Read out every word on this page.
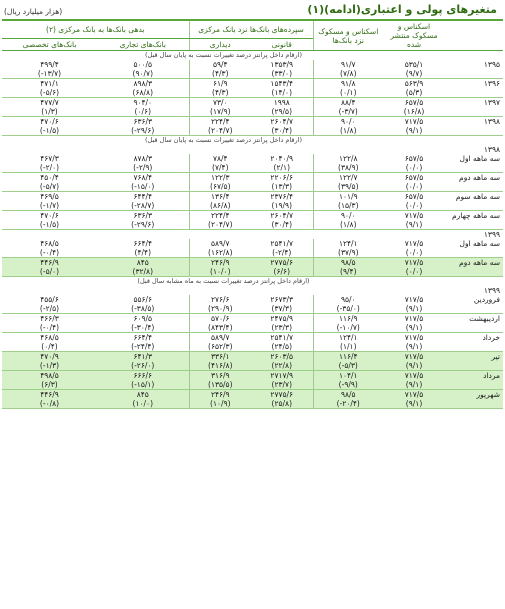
متغیرهای پولی و اعتباری(ادامه)(۱)
(هزار میلیارد ریال)
	اسکناس و مسکوک منتشر شده	اسکناس و مسکوک نزد بانک‌ها	سپرده‌های بانک‌ها نزد بانک مرکزی		بدهی بانک‌ها به بانک مرکزی (۲)	
			قانونی	دیداری	بانک‌های تجاری	بانک‌های تخصصی
	(ارقام داخل پرانتز درصد تغییرات نسبت به پایان سال قبل)					
۱۳۹۵	۵۳۵/۱	۹۱/۷	۱۳۵۳/۹	۵۹/۴	۵۰۰/۵	۴۹۹/۴
	(۹/۷)	(۷/۸)	(۳۳/۰)	(۴/۳)	(۹۰/۷)	(۱۳/۷-)
۱۳۹۶	۵۶۳/۹	۹۱/۸	۱۵۴۳/۴	۶۱/۹	۸۹۸/۳	۴۷۱/۱
	(۵/۳)	(۰/۱)	(۱۴/۰)	(۴/۳)	(۶۸/۸)	(۵/۶-)
۱۳۹۷	۶۵۷/۵	۸۸/۴	۱۹۹۸	۷۳/۰	۹۰۴/۰	۴۷۷/۷
	(۱۶/۸)	(۳/۷-)	(۲۹/۵)	(۱۷/۹)	(۰/۶)	(۱/۳)
۱۳۹۸	۷۱۷/۵	۹۰/۰	۲۶۰۴/۷	۲۲۴/۴	۶۳۶/۳	۴۷۰/۶
	(۹/۱)	(۱/۸)	(۳۰/۴)	(۲۰۴/۷)	(۲۹/۶-)	(۱/۵-)
	(ارقام داخل پرانتز درصد تغییرات نسبت به پایان سال قبل)					
۱۳۹۸						
سه ماهه اول	۶۵۷/۵	۱۲۲/۸	۲۰۴۰/۹	۷۸/۴	۸۷۸/۳	۴۶۷/۳
	(۰/۰)	(۳۸/۹)	(۲/۱)	(۷/۴)	(۲/۹-)	(۲/۰-)
سه ماهه دوم	۶۵۷/۵	۱۲۲/۷	۲۲۰۶/۶	۱۲۲/۳	۷۶۸/۴	۴۵۰/۴
	(۰/۰)	(۳۹/۵)	(۱۳/۳)	(۶۷/۵)	(۱۵/۰-)	(۵/۷-)
سه ماهه سوم	۶۵۷/۵	۱۰۱/۹	۲۳۷۶/۴	۱۳۶/۴	۶۴۴/۴	۴۶۹/۵
	(۰/۰)	(۱۵/۳)	(۱۹/۹)	(۸۶/۸)	(۲۸/۷-)	(۱/۷-)
سه ماهه چهارم	۷۱۷/۵	۹۰/۰	۲۶۰۴/۷	۲۲۴/۴	۶۳۶/۳	۴۷۰/۶
	(۹/۱)	(۱/۸)	(۳۰/۴)	(۲۰۴/۷)	(۲۹/۶-)	(۱/۵-)
۱۳۹۹						
سه ماهه اول	۷۱۷/۵	۱۲۴/۱	۲۵۴۱/۷	۵۸۹/۷	۶۶۴/۴	۴۶۸/۵
	(۰/۰)	(۳۷/۹)	(۲/۴-)	(۱۶۲/۸)	(۴/۴)	(۰/۴-)
سه ماهه دوم	۷۱۷/۵	۹۸/۵	۲۷۷۵/۶	۲۴۶/۹	۸۴۵	۴۴۶/۹
	(۰/۰)	(۹/۴)	(۶/۶)	(۱۰/۰)	(۳۲/۸)	(۵/۰-)
	(ارقام داخل پرانتز درصد تغییرات نسبت به ماه مشابه سال قبل)					
۱۳۹۹						
فروردین	۷۱۷/۵	۹۵/۰	۲۶۷۳/۳	۲۷۶/۶	۵۵۶/۶	۴۵۵/۶
	(۹/۱)	(۳۵/۰-)	(۳۷/۳)	(۲۹۰/۹)	(۳۸/۵-)	(۲/۵-)
اردیبهشت	۷۱۷/۵	۱۱۶/۹	۲۴۷۵/۹	۵۷۰/۶	۶۰۹/۵	۴۶۶/۳
	(۹/۱)	(۱۰/۷-)	(۲۳/۳)	(۸۴۳/۴)	(۳۰/۴-)	(۰/۴-)
خرداد	۷۱۷/۵	۱۲۴/۱	۲۵۴۱/۷	۵۸۹/۷	۶۶۴/۴	۴۶۸/۵
	(۹/۱)	(۱/۱)	(۲۴/۵)	(۶۵۲/۳)	(۲۴/۴-)	(۰/۴)
تیر	۷۱۷/۵	۱۱۶/۴	۲۶۰۳/۵	۳۳۶/۱	۶۴۱/۳	۴۷۰/۹
	(۹/۱)	(۵/۳-)	(۲۲/۸)	(۴۱۶/۸)	(۲۶/۰-)	(۱/۳-)
مرداد	۷۱۷/۵	۱۰۴/۱	۲۷۱۷/۹	۳۱۶/۹	۶۶۶/۶	۴۹۸/۵
	(۹/۱)	(۹/۹-)	(۲۳/۷)	(۱۳۵/۵)	(۱۵/۱-)	(۶/۳)
شهریور	۷۱۷/۵	۹۸/۵	۲۷۷۵/۶	۲۴۶/۹	۸۴۵	۴۴۶/۹
	(۹/۱)	(۲۰/۴-)	(۲۵/۸)	(۱۰/۹)	(۱۰/۰)	(۰/۸-)
